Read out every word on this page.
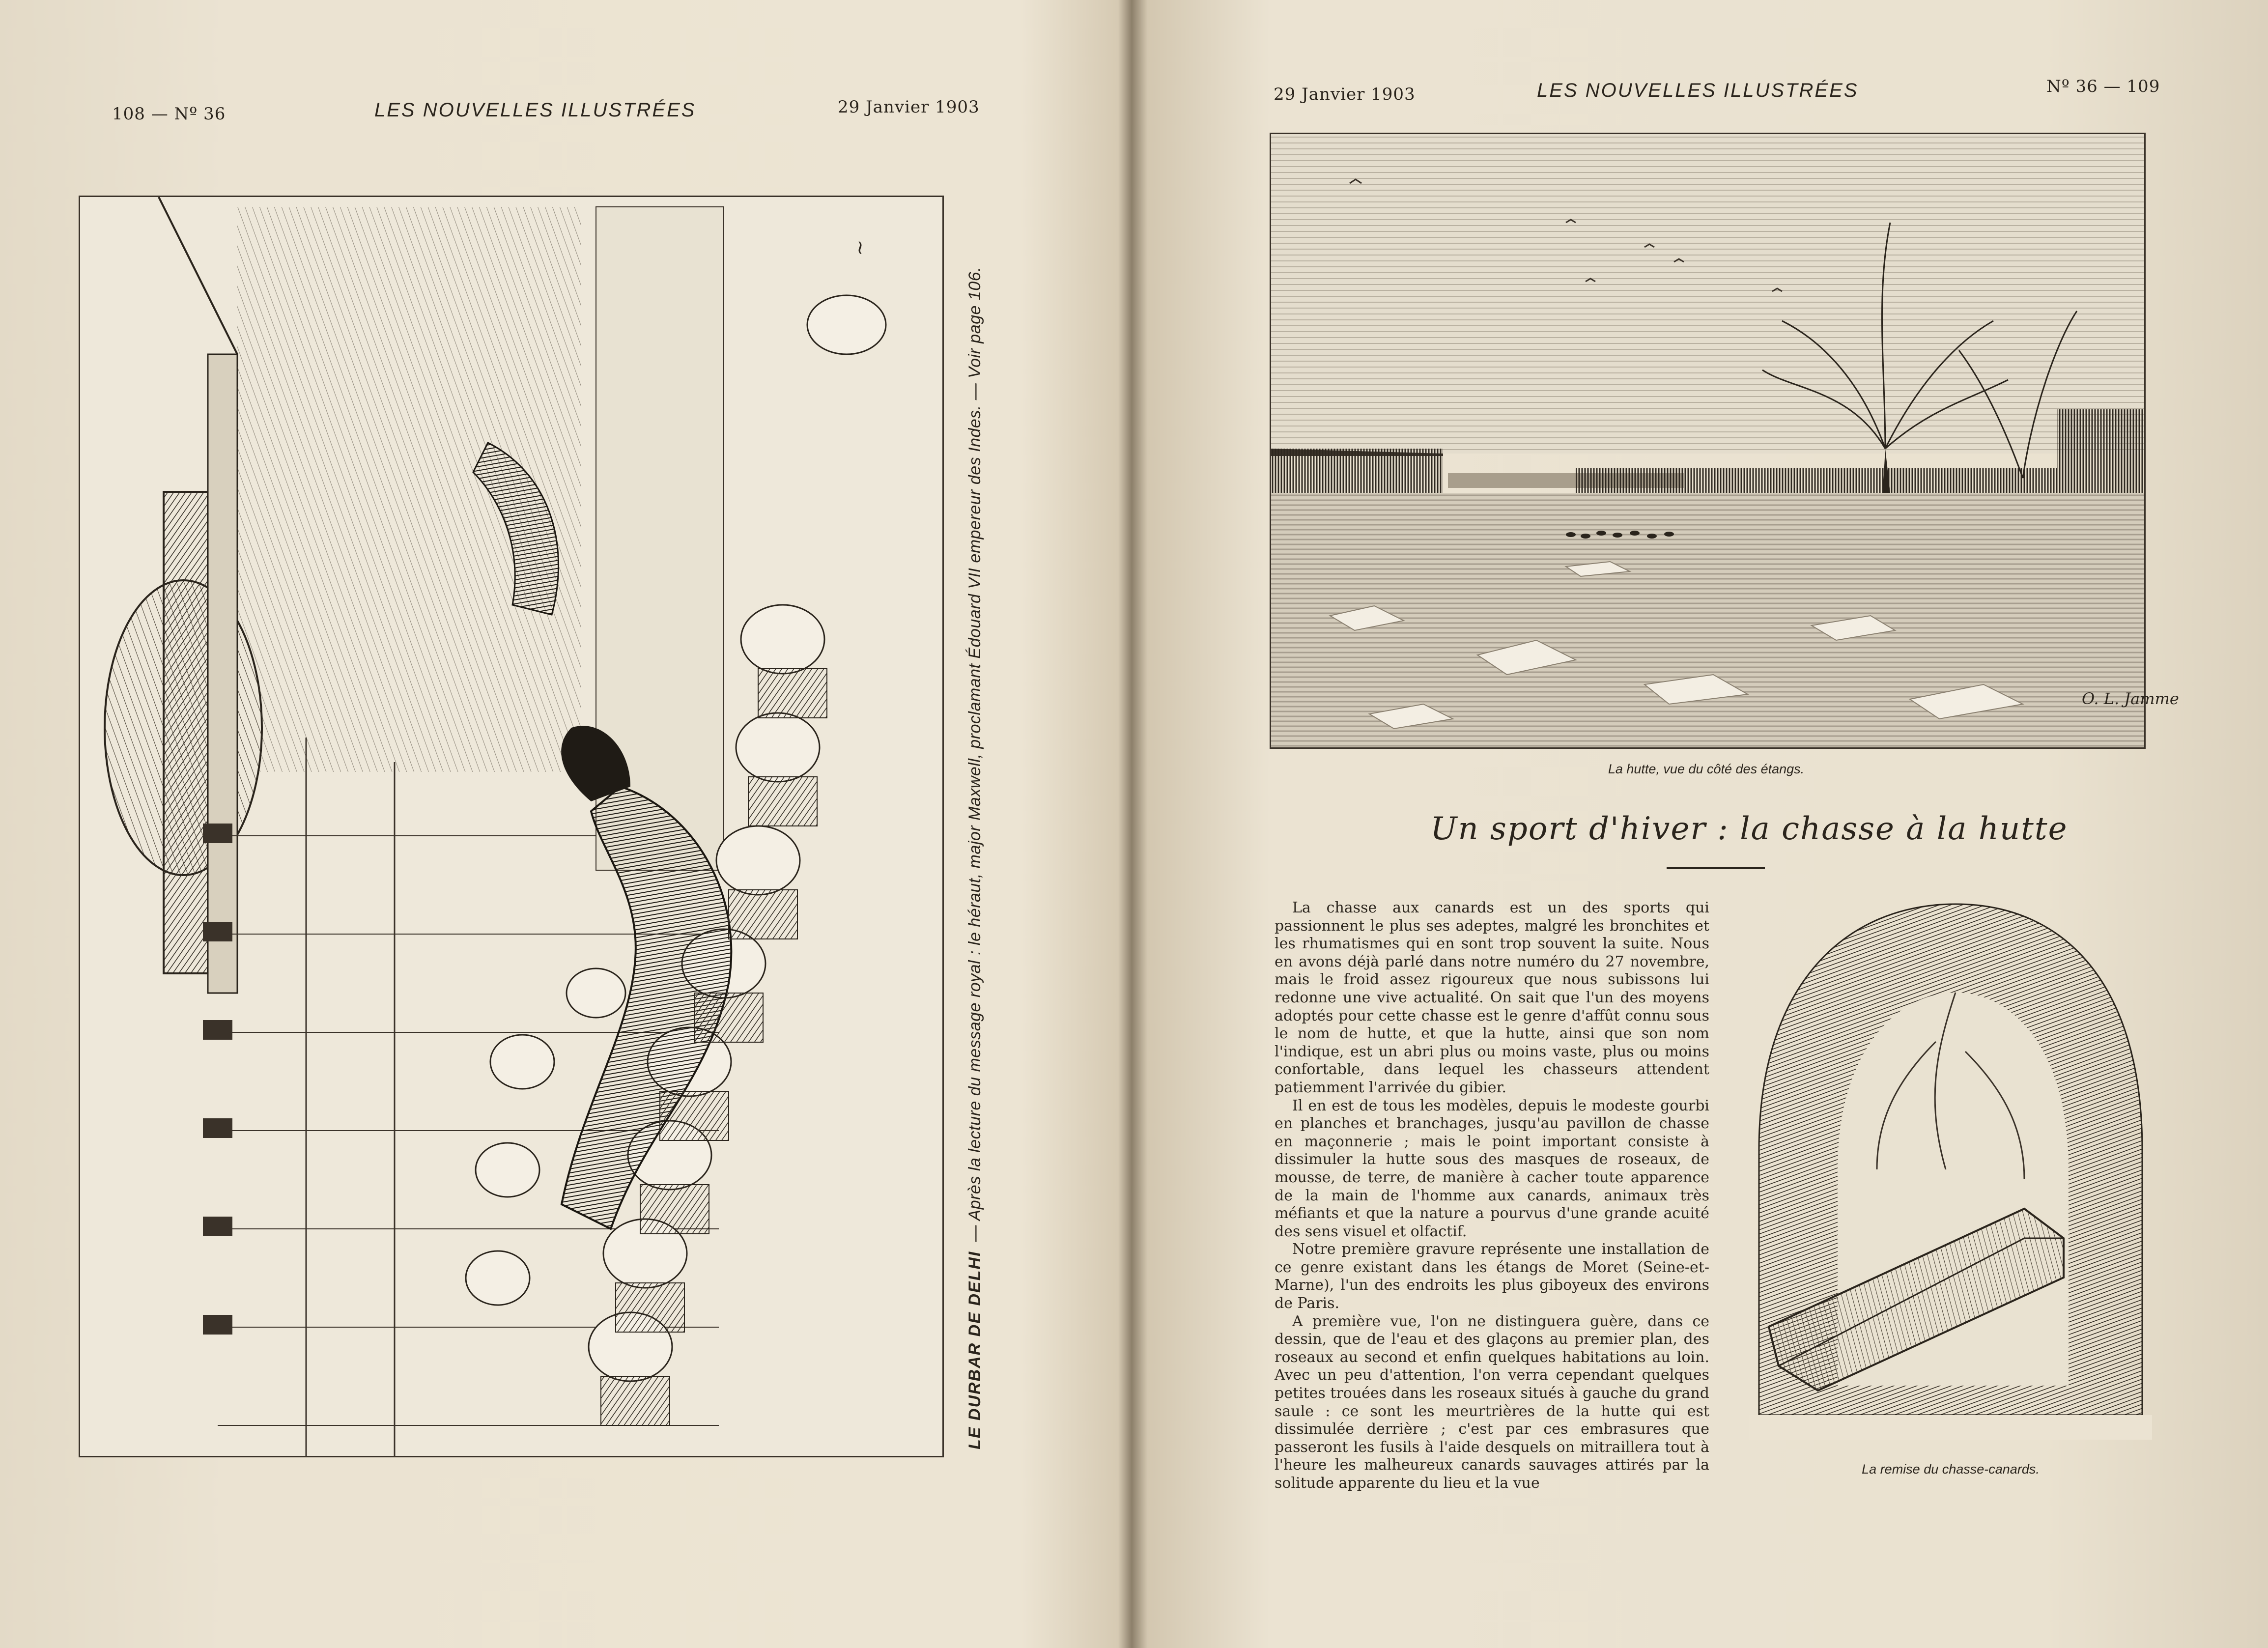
108 — Nº 36	LES NOUVELLES ILLUSTRÉES	29 Janvier 1903
~
LE DURBAR DE DELHI— Après la lecture du message royal : le héraut, major Maxwell, proclamant Édouard VII empereur des Indes. — Voir page 106.
29 Janvier 1903	LES NOUVELLES ILLUSTRÉES	Nº 36 — 109
O. L. Jamme
La hutte, vue du côté des étangs.
Un sport d'hiver : la chasse à la hutte

La chasse aux canards est un des sports qui passionnent le plus ses adeptes, malgré les bronchites et les rhumatismes qui en sont trop souvent la suite. Nous en avons déjà parlé dans notre numéro du 27 novembre, mais le froid assez rigoureux que nous subissons lui redonne une vive actualité. On sait que l'un des moyens adoptés pour cette chasse est le genre d'affût connu sous le nom de hutte, et que la hutte, ainsi que son nom l'indique, est un abri plus ou moins vaste, plus ou moins confortable, dans lequel les chasseurs attendent patiemment l'arrivée du gibier.

Il en est de tous les modèles, depuis le modeste gourbi en planches et branchages, jusqu'au pavillon de chasse en maçonnerie ; mais le point important consiste à dissimuler la hutte sous des masques de roseaux, de mousse, de terre, de manière à cacher toute apparence de la main de l'homme aux canards, animaux très méfiants et que la nature a pourvus d'une grande acuité des sens visuel et olfactif.

Notre première gravure représente une installation de ce genre existant dans les étangs de Moret (Seine-et-Marne), l'un des endroits les plus giboyeux des environs de Paris.

A première vue, l'on ne distinguera guère, dans ce dessin, que de l'eau et des glaçons au premier plan, des roseaux au second et enfin quelques habitations au loin. Avec un peu d'attention, l'on verra cependant quelques petites trouées dans les roseaux situés à gauche du grand saule : ce sont les meurtrières de la hutte qui est dissimulée derrière ; c'est par ces embrasures que passeront les fusils à l'aide desquels on mitraillera tout à l'heure les malheureux canards sauvages attirés par la solitude apparente du lieu et la vue

La remise du chasse-canards.
